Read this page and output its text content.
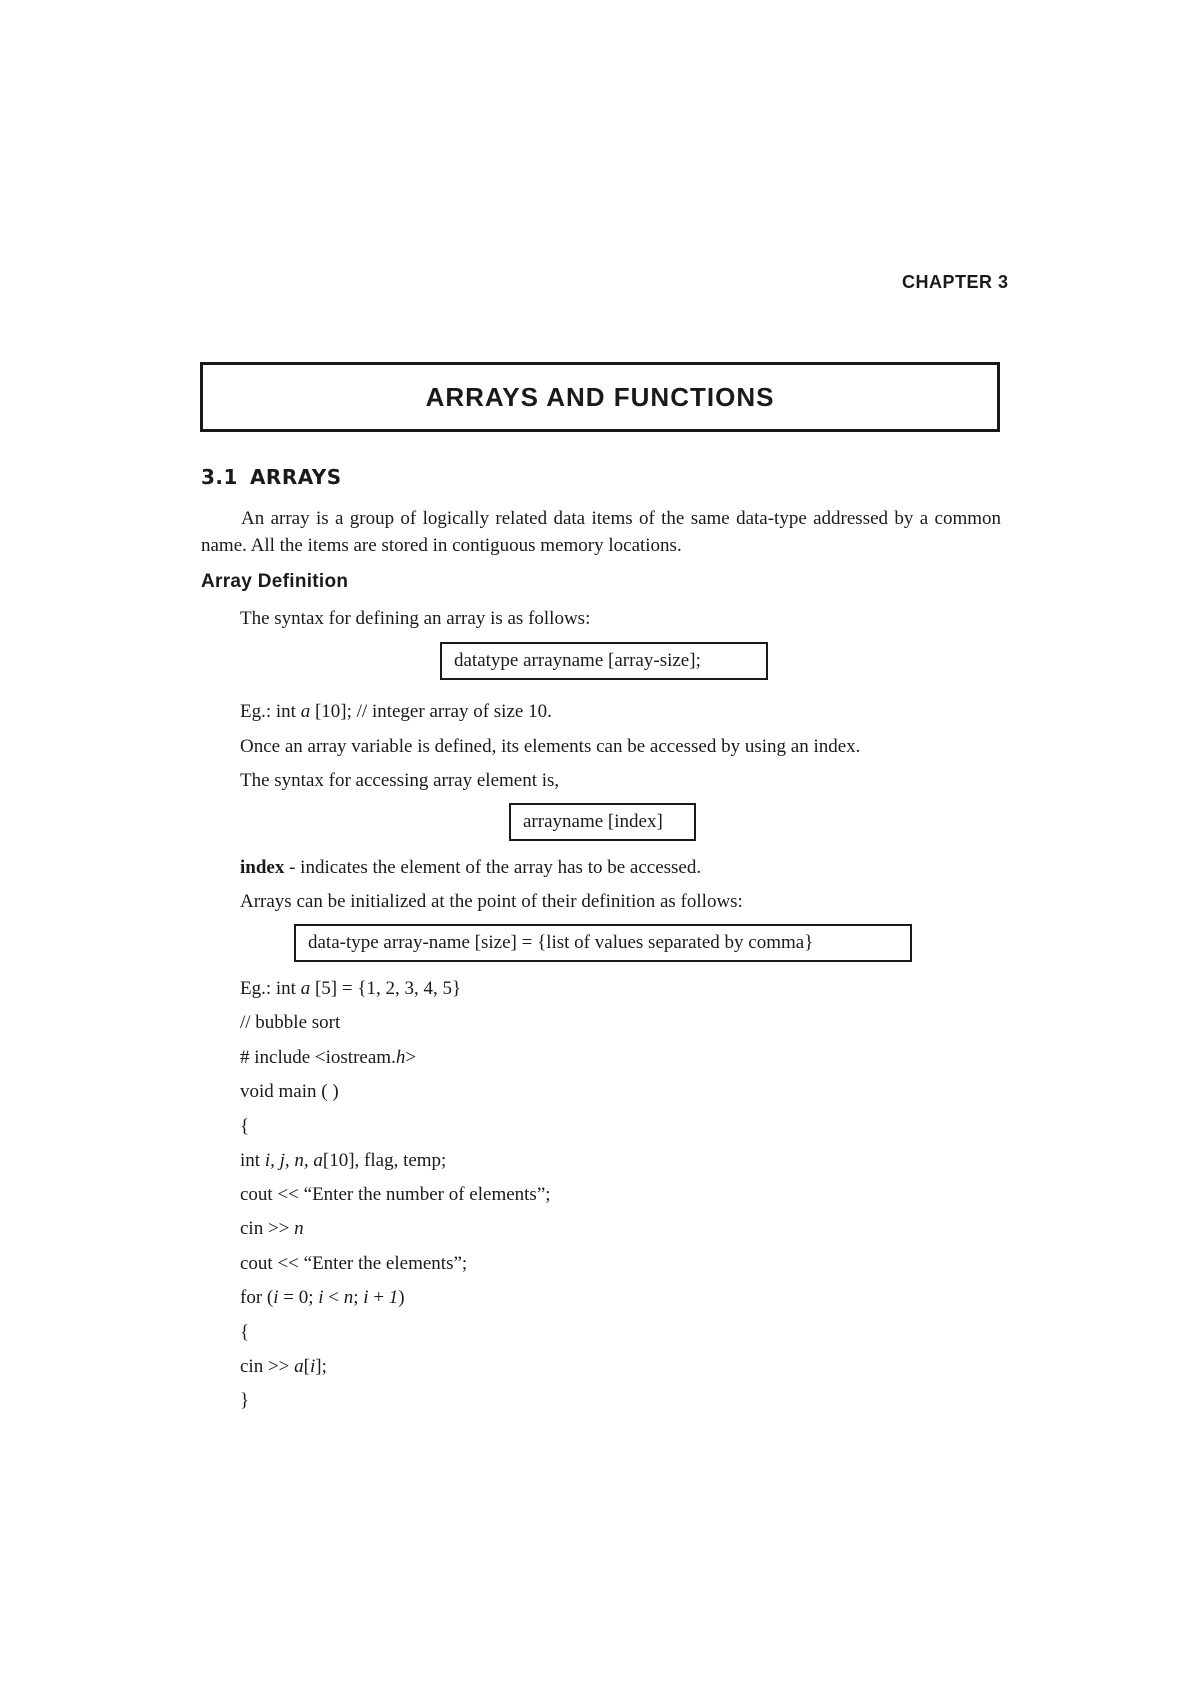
CHAPTER 3
ARRAYS AND FUNCTIONS
3.1 ARRAYS
An array is a group of logically related data items of the same data-type addressed by a common name. All the items are stored in contiguous memory locations.
Array Definition
The syntax for defining an array is as follows:
datatype arrayname [array-size];
Eg.: int a [10]; // integer array of size 10.
Once an array variable is defined, its elements can be accessed by using an index.
The syntax for accessing array element is,
arrayname [index]
index - indicates the element of the array has to be accessed.
Arrays can be initialized at the point of their definition as follows:
data-type array-name [size] = {list of values separated by comma}
Eg.: int a [5] = {1, 2, 3, 4, 5}
// bubble sort
# include <iostream.h>
void main ( )
{
int i, j, n, a[10], flag, temp;
cout << “Enter the number of elements”;
cin >> n
cout << “Enter the elements”;
for (i = 0; i < n; i + 1)
{
cin >> a[i];
}
